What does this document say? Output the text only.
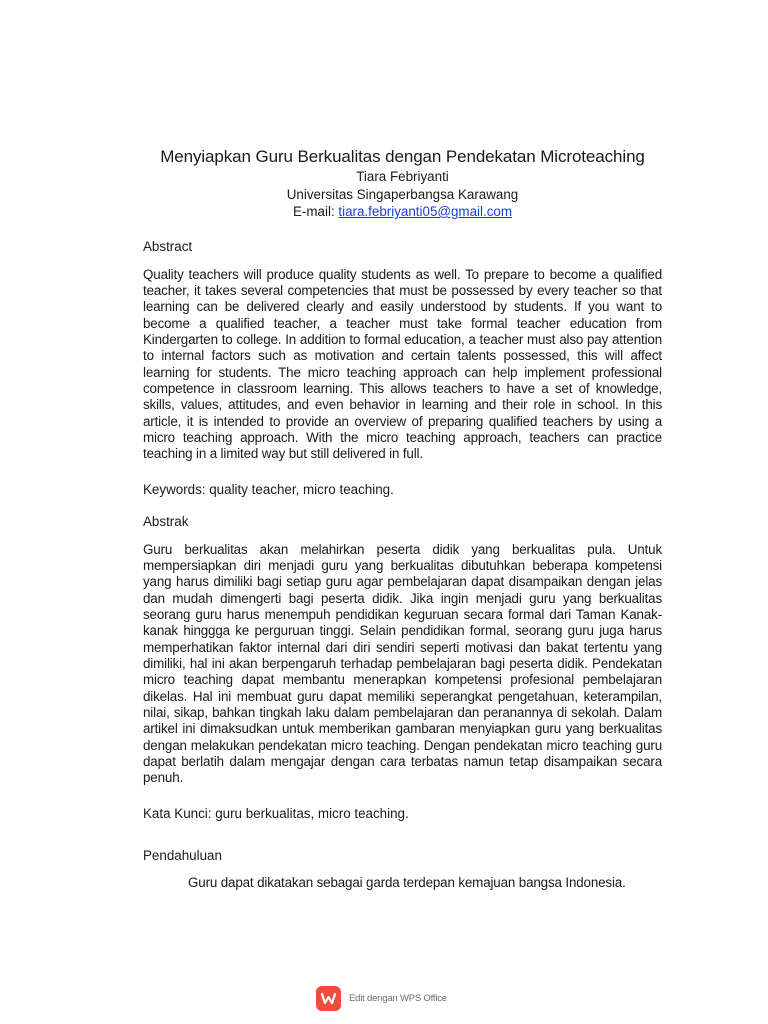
Menyiapkan Guru Berkualitas dengan Pendekatan Microteaching
Tiara Febriyanti
Universitas Singaperbangsa Karawang
E-mail: tiara.febriyanti05@gmail.com
Abstract

Quality teachers will produce quality students as well. To prepare to become a qualified teacher, it takes several competencies that must be possessed by every teacher so that learning can be delivered clearly and easily understood by students. If you want to become a qualified teacher, a teacher must take formal teacher education from Kindergarten to college. In addition to formal education, a teacher must also pay attention to internal factors such as motivation and certain talents possessed, this will affect learning for students. The micro teaching approach can help implement professional competence in classroom learning. This allows teachers to have a set of knowledge, skills, values, attitudes, and even behavior in learning and their role in school. In this article, it is intended to provide an overview of preparing qualified teachers by using a micro teaching approach. With the micro teaching approach, teachers can practice teaching in a limited way but still delivered in full.

Keywords: quality teacher, micro teaching.

Abstrak

Guru berkualitas akan melahirkan peserta didik yang berkualitas pula. Untuk mempersiapkan diri menjadi guru yang berkualitas dibutuhkan beberapa kompetensi yang harus dimiliki bagi setiap guru agar pembelajaran dapat disampaikan dengan jelas dan mudah dimengerti bagi peserta didik. Jika ingin menjadi guru yang berkualitas seorang guru harus menempuh pendidikan keguruan secara formal dari Taman Kanak-kanak hinggga ke perguruan tinggi. Selain pendidikan formal, seorang guru juga harus memperhatikan faktor internal dari diri sendiri seperti motivasi dan bakat tertentu yang dimiliki, hal ini akan berpengaruh terhadap pembelajaran bagi peserta didik. Pendekatan micro teaching dapat membantu menerapkan kompetensi profesional pembelajaran dikelas. Hal ini membuat guru dapat memiliki seperangkat pengetahuan, keterampilan, nilai, sikap, bahkan tingkah laku dalam pembelajaran dan peranannya di sekolah. Dalam artikel ini dimaksudkan untuk memberikan gambaran menyiapkan guru yang berkualitas dengan melakukan pendekatan micro teaching. Dengan pendekatan micro teaching guru dapat berlatih dalam mengajar dengan cara terbatas namun tetap disampaikan secara penuh.

Kata Kunci: guru berkualitas, micro teaching.

Pendahuluan

Guru dapat dikatakan sebagai garda terdepan kemajuan bangsa Indonesia.

Edit dengan WPS Office
